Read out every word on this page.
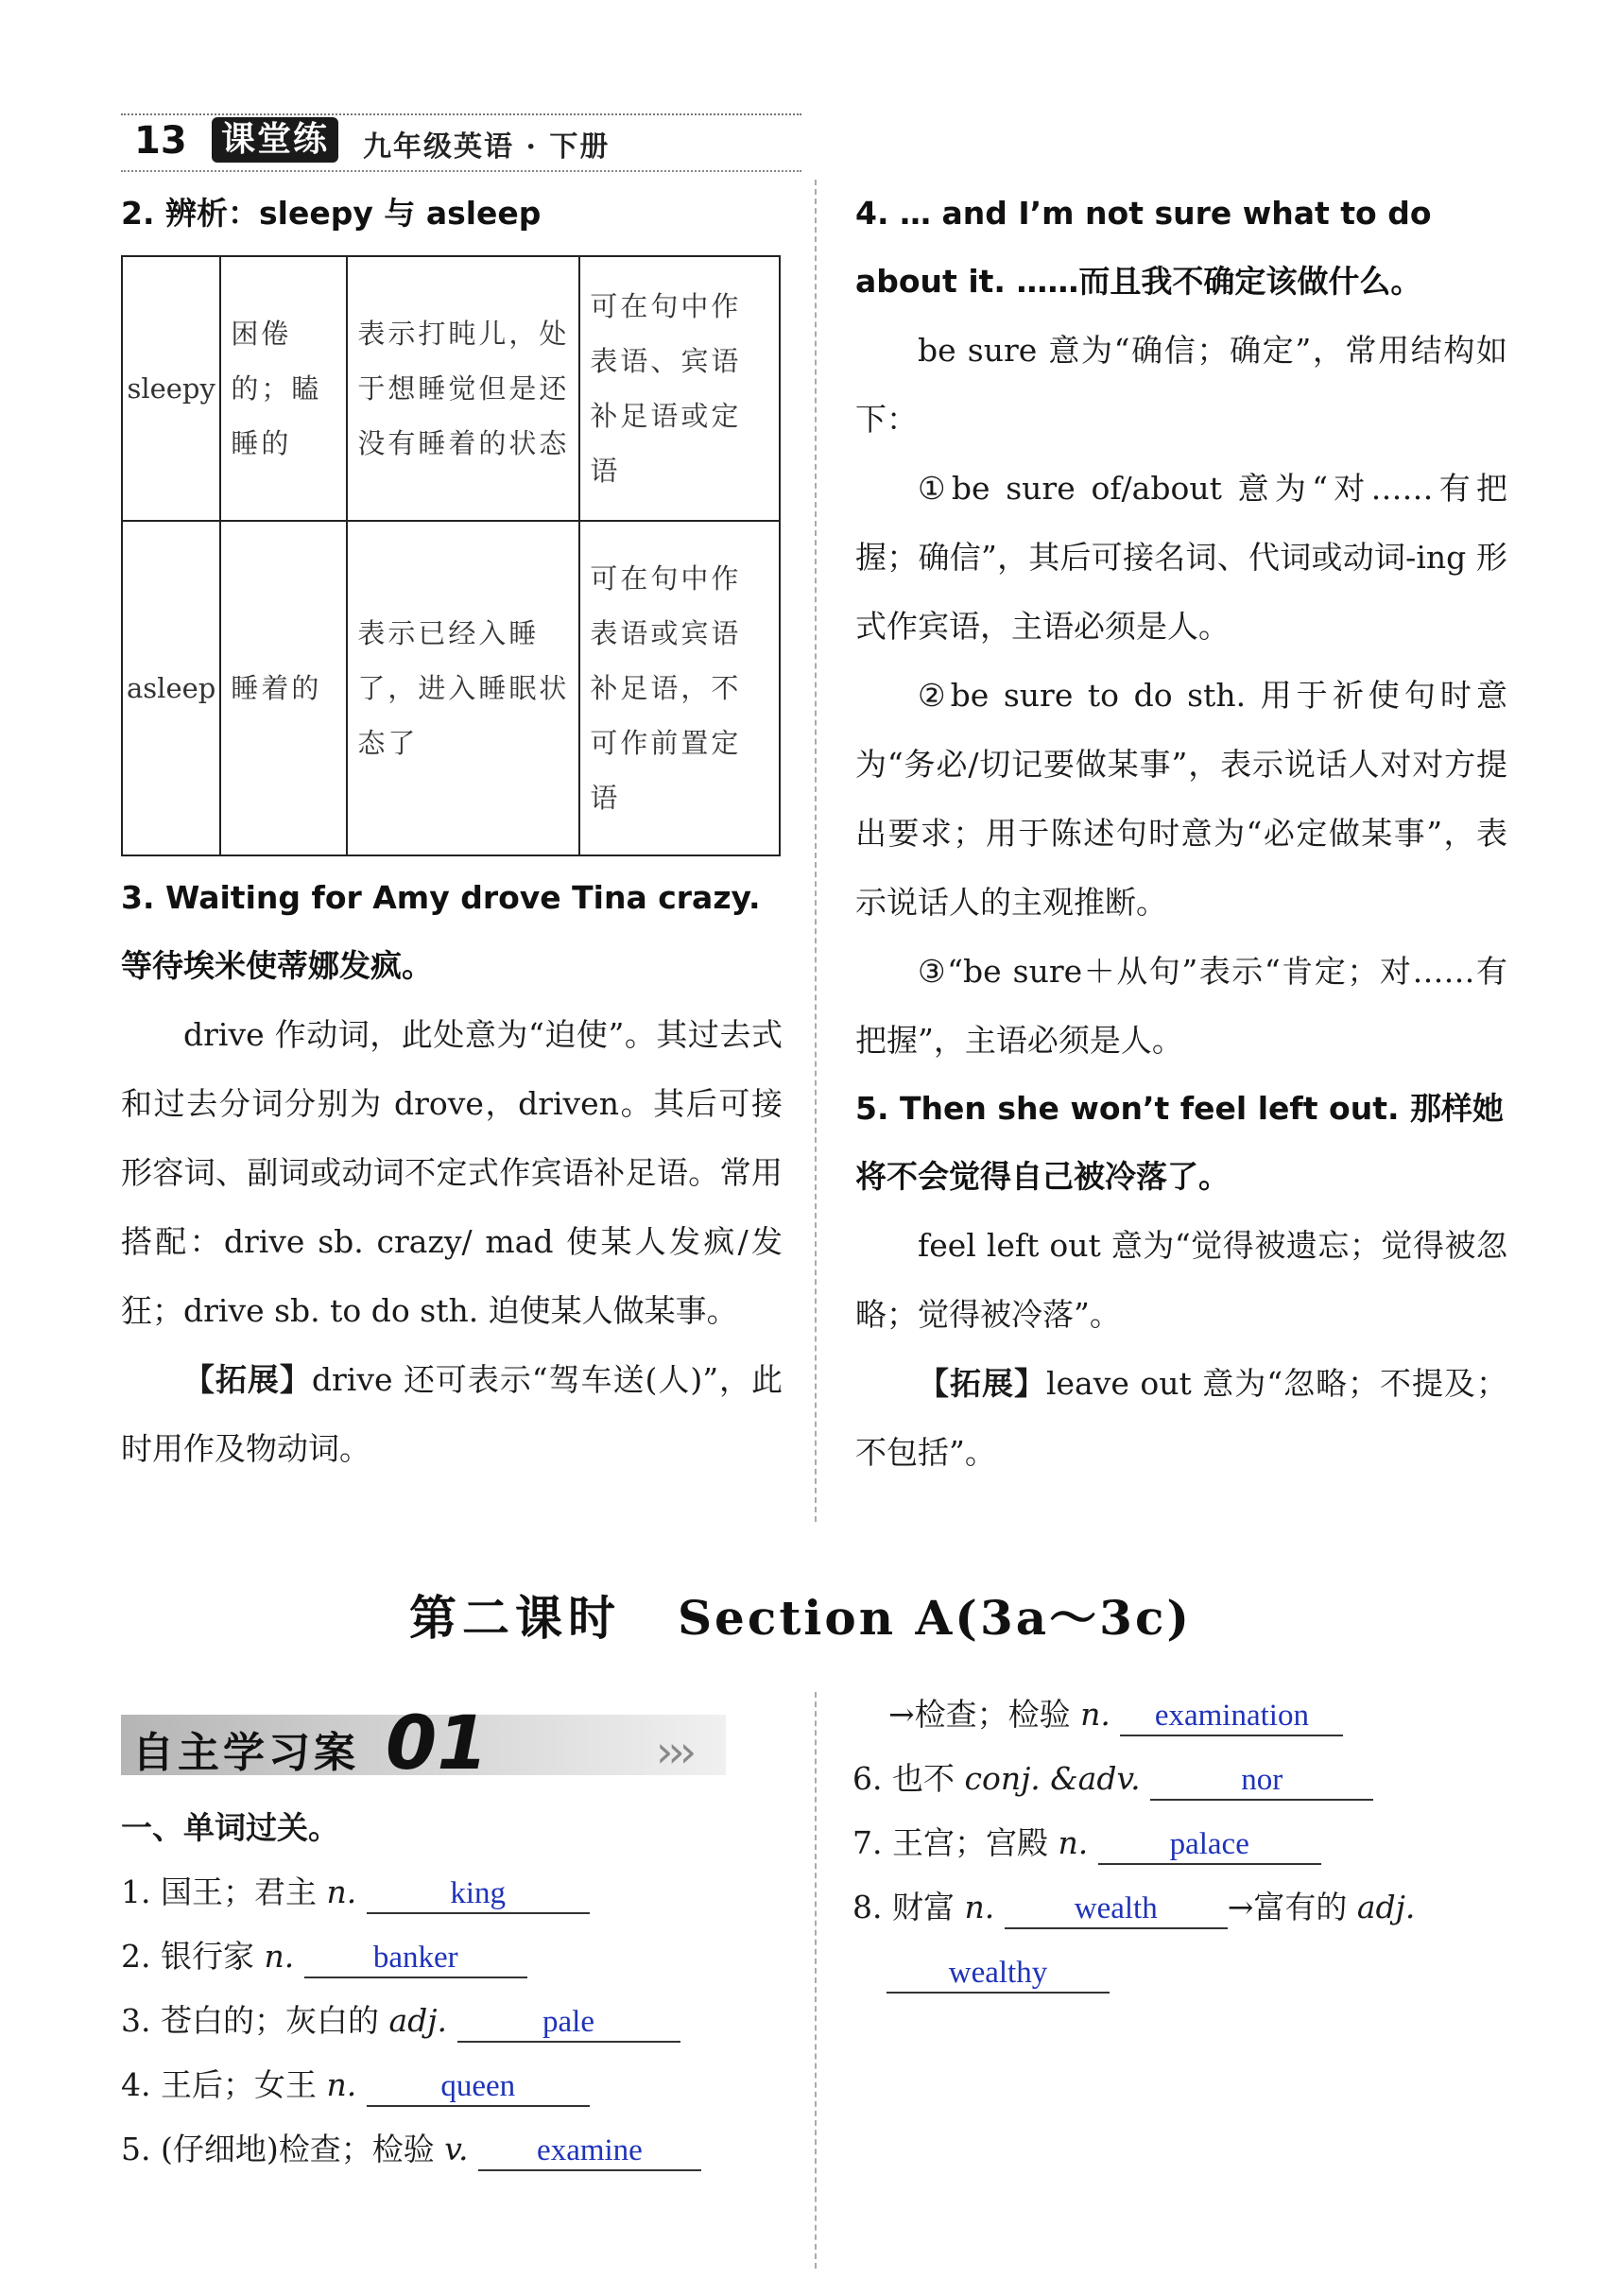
13 课堂练	九年级英语 · 下册

2. 辨析：sleepy 与 asleep

sleepy	困倦的；瞌睡的	表示打盹儿，处于想睡觉但是还没有睡着的状态	可在句中作表语、宾语补足语或定语
asleep	睡着的	表示已经入睡了，进入睡眠状态了	可在句中作表语或宾语补足语，不可作前置定语

3. Waiting for Amy drove Tina crazy. 等待埃米使蒂娜发疯。

drive 作动词，此处意为“迫使”。其过去式和过去分词分别为 drove，driven。其后可接形容词、副词或动词不定式作宾语补足语。常用搭配：drive sb. crazy/ mad 使某人发疯/发狂；drive sb. to do sth. 迫使某人做某事。

【拓展】drive 还可表示“驾车送(人)”，此时用作及物动词。

4. … and I’m not sure what to do about it. ……而且我不确定该做什么。

be sure 意为“确信；确定”，常用结构如下：

①be sure of/about 意为“对……有把握；确信”，其后可接名词、代词或动词-ing 形式作宾语，主语必须是人。

②be sure to do sth. 用于祈使句时意为“务必/切记要做某事”，表示说话人对对方提出要求；用于陈述句时意为“必定做某事”，表示说话人的主观推断。

③“be sure＋从句”表示“肯定；对……有把握”，主语必须是人。

5. Then she won’t feel left out. 那样她将不会觉得自己被冷落了。

feel left out 意为“觉得被遗忘；觉得被忽略；觉得被冷落”。

【拓展】leave out 意为“忽略；不提及；不包括”。

第二课时 Section A(3a～3c)
自主学习案 01	›››

一、单词过关。

1. 国王；君主 n.	king

2. 银行家 n.	banker

3. 苍白的；灰白的 adj.	pale

4. 王后；女王 n.	queen

5. (仔细地)检查；检验 v. examine

→检查；检验 n. examination

6. 也不 conj. &adv.	nor

7. 王宫；宫殿 n.	palace

8. 财富 n.	wealth →富有的 adj.

wealthy
